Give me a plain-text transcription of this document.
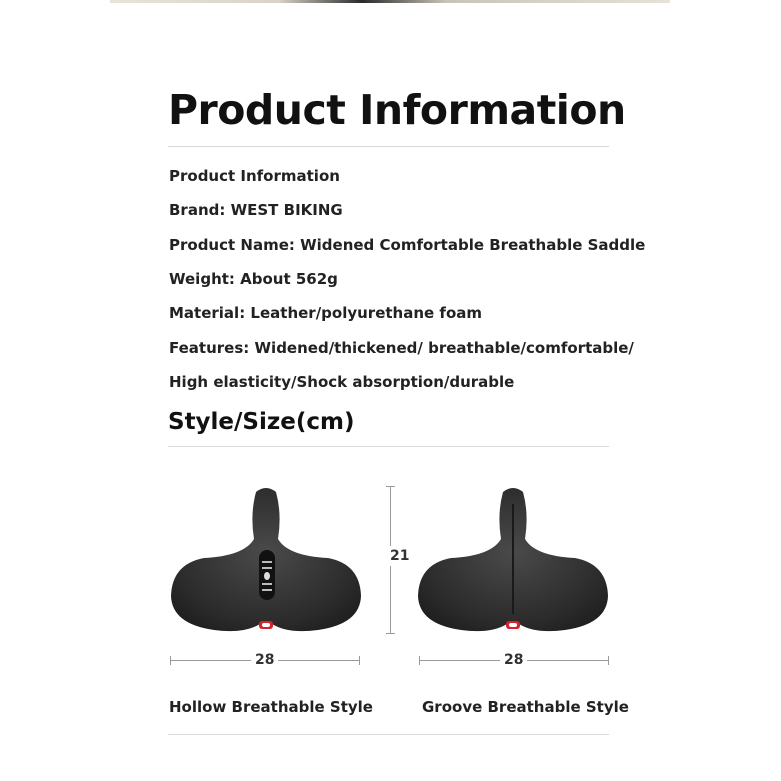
Product Information
Product Information
Brand: WEST BIKING
Product Name: Widened Comfortable Breathable Saddle
Weight: About 562g
Material: Leather/polyurethane foam
Features: Widened/thickened/ breathable/comfortable/
High elasticity/Shock absorption/durable
Style/Size(cm)
21
28	28
Hollow Breathable Style	Groove Breathable Style
